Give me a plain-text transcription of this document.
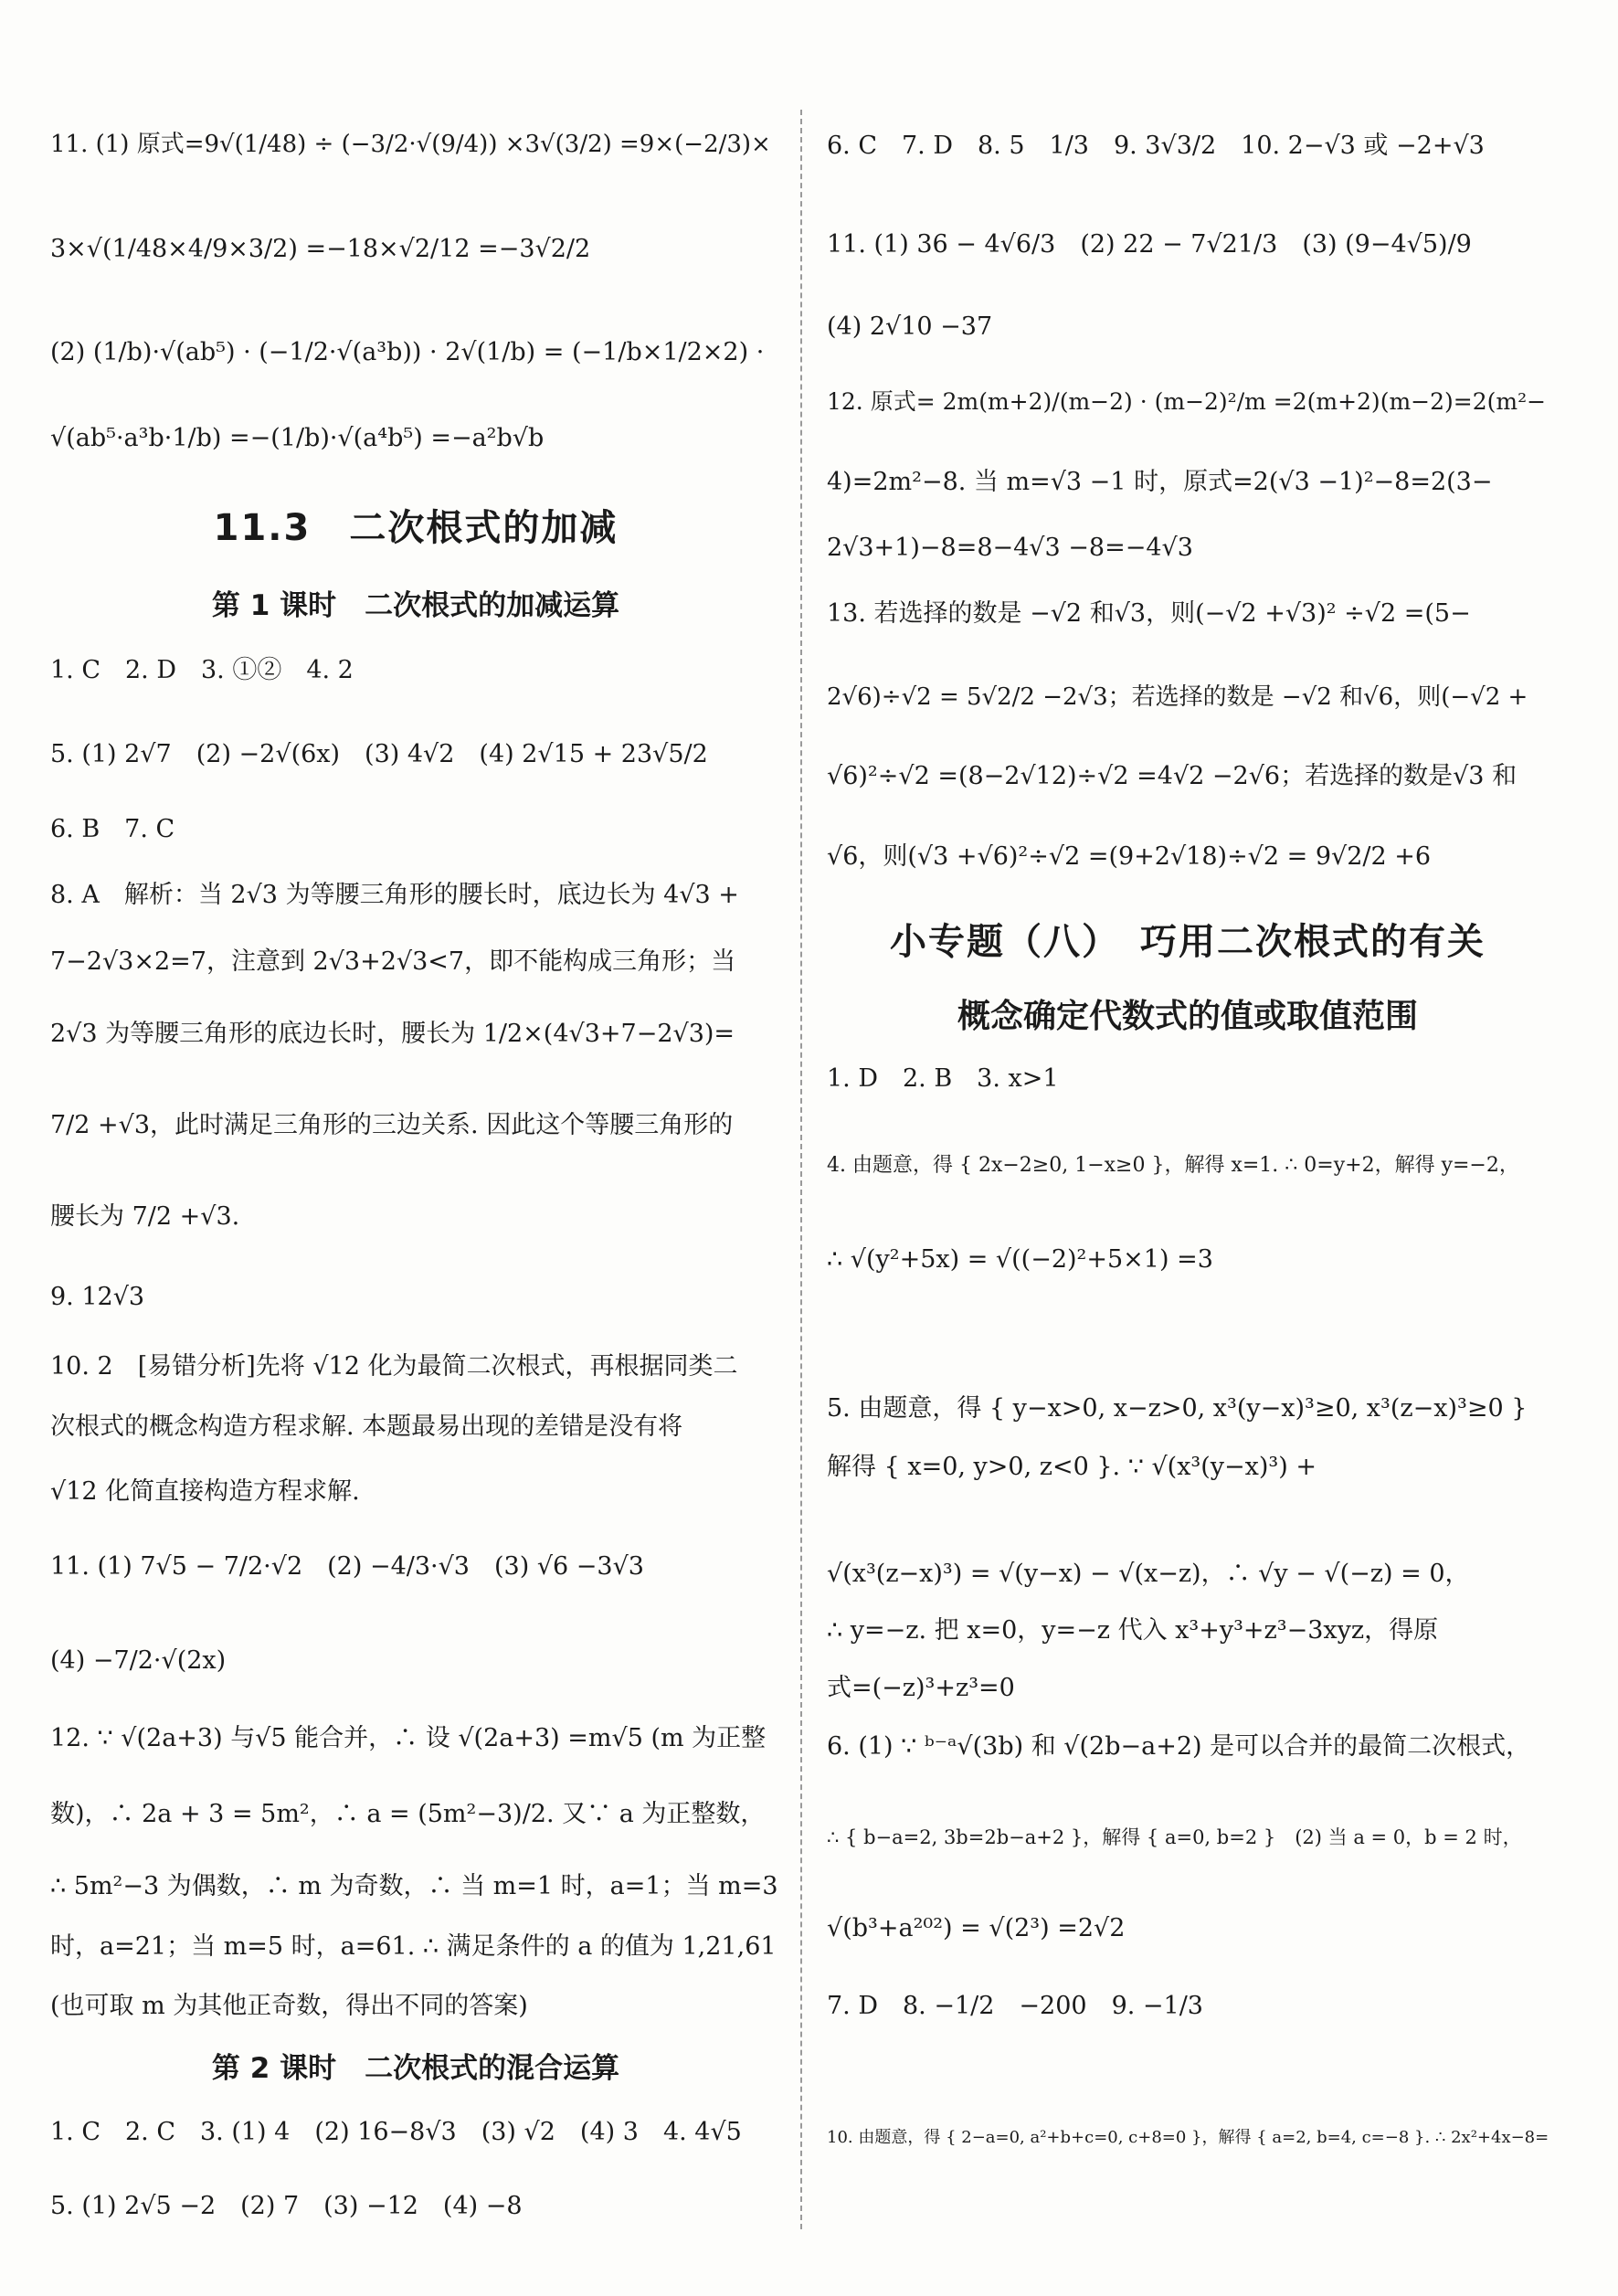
11. (1) 原式=9√(1/48) ÷ (−3/2·√(9/4)) ×3√(3/2) =9×(−2/3)×
3×√(1/48×4/9×3/2) =−18×√2/12 =−3√2/2
(2) (1/b)·√(ab⁵) · (−1/2·√(a³b)) · 2√(1/b) = (−1/b×1/2×2) ·
√(ab⁵·a³b·1/b) =−(1/b)·√(a⁴b⁵) =−a²b√b
11.3　二次根式的加减
第 1 课时　二次根式的加减运算
1. C　2. D　3. ①②　4. 2
5. (1) 2√7　(2) −2√(6x)　(3) 4√2　(4) 2√15 + 23√5/2
6. B　7. C
8. A　解析：当 2√3 为等腰三角形的腰长时，底边长为 4√3 +
7−2√3×2=7，注意到 2√3+2√3<7，即不能构成三角形；当
2√3 为等腰三角形的底边长时，腰长为 1/2×(4√3+7−2√3)=
7/2 +√3，此时满足三角形的三边关系. 因此这个等腰三角形的
腰长为 7/2 +√3.
9. 12√3
10. 2　[易错分析]先将 √12 化为最简二次根式，再根据同类二
次根式的概念构造方程求解. 本题最易出现的差错是没有将
√12 化简直接构造方程求解.
11. (1) 7√5 − 7/2·√2　(2) −4/3·√3　(3) √6 −3√3
(4) −7/2·√(2x)
12. ∵ √(2a+3) 与√5 能合并，∴ 设 √(2a+3) =m√5 (m 为正整
数)，∴ 2a + 3 = 5m²，∴ a = (5m²−3)/2. 又∵ a 为正整数，
∴ 5m²−3 为偶数，∴ m 为奇数，∴ 当 m=1 时，a=1；当 m=3
时，a=21；当 m=5 时，a=61. ∴ 满足条件的 a 的值为 1,21,61
(也可取 m 为其他正奇数，得出不同的答案)
第 2 课时　二次根式的混合运算
1. C　2. C　3. (1) 4　(2) 16−8√3　(3) √2　(4) 3　4. 4√5
5. (1) 2√5 −2　(2) 7　(3) −12　(4) −8
6. C　7. D　8. 5　1/3　9. 3√3/2　10. 2−√3 或 −2+√3
11. (1) 36 − 4√6/3　(2) 22 − 7√21/3　(3) (9−4√5)/9
(4) 2√10 −37
12. 原式= 2m(m+2)/(m−2) · (m−2)²/m =2(m+2)(m−2)=2(m²−
4)=2m²−8. 当 m=√3 −1 时，原式=2(√3 −1)²−8=2(3−
2√3+1)−8=8−4√3 −8=−4√3
13. 若选择的数是 −√2 和√3，则(−√2 +√3)² ÷√2 =(5−
2√6)÷√2 = 5√2/2 −2√3；若选择的数是 −√2 和√6，则(−√2 +
√6)²÷√2 =(8−2√12)÷√2 =4√2 −2√6；若选择的数是√3 和
√6，则(√3 +√6)²÷√2 =(9+2√18)÷√2 = 9√2/2 +6
小专题（八）　巧用二次根式的有关
概念确定代数式的值或取值范围
1. D　2. B　3. x>1
4. 由题意，得 { 2x−2≥0, 1−x≥0 }，解得 x=1. ∴ 0=y+2，解得 y=−2，
∴ √(y²+5x) = √((−2)²+5×1) =3
5. 由题意，得 { y−x>0, x−z>0, x³(y−x)³≥0, x³(z−x)³≥0 }
解得 { x=0, y>0, z<0 }. ∵ √(x³(y−x)³) +
√(x³(z−x)³) = √(y−x) − √(x−z)，∴ √y − √(−z) = 0，
∴ y=−z. 把 x=0，y=−z 代入 x³+y³+z³−3xyz，得原
式=(−z)³+z³=0
6. (1) ∵ ᵇ⁻ᵃ√(3b) 和 √(2b−a+2) 是可以合并的最简二次根式，
∴ { b−a=2, 3b=2b−a+2 }，解得 { a=0, b=2 }　(2) 当 a = 0，b = 2 时，
√(b³+a²⁰²) = √(2³) =2√2
7. D　8. −1/2　−200　9. −1/3
10. 由题意，得 { 2−a=0, a²+b+c=0, c+8=0 }，解得 { a=2, b=4, c=−8 }. ∴ 2x²+4x−8=
